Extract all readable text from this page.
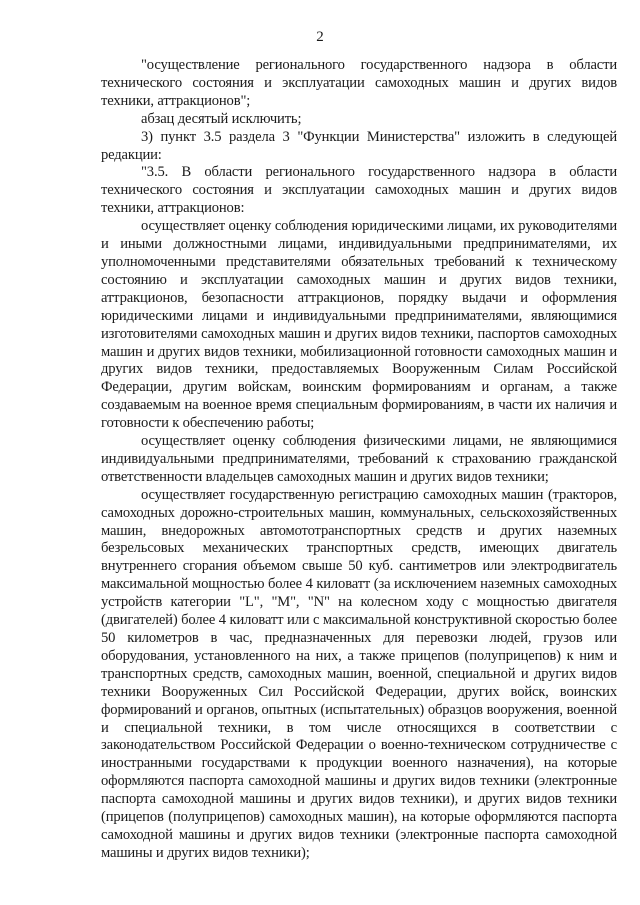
2

"осуществление регионального государственного надзора в области технического состояния и эксплуатации самоходных машин и других видов техники, аттракционов";

абзац десятый исключить;

3) пункт 3.5 раздела 3 "Функции Министерства" изложить в следующей редакции:

"3.5. В области регионального государственного надзора в области технического состояния и эксплуатации самоходных машин и других видов техники, аттракционов:

осуществляет оценку соблюдения юридическими лицами, их руководителями и иными должностными лицами, индивидуальными предпринимателями, их уполномоченными представителями обязательных требований к техническому состоянию и эксплуатации самоходных машин и других видов техники, аттракционов, безопасности аттракционов, порядку выдачи и оформления юридическими лицами и индивидуальными предпринимателями, являющимися изготовителями самоходных машин и других видов техники, паспортов самоходных машин и других видов техники, мобилизационной готовности самоходных машин и других видов техники, предоставляемых Вооруженным Силам Российской Федерации, другим войскам, воинским формированиям и органам, а также создаваемым на военное время специальным формированиям, в части их наличия и готовности к обеспечению работы;

осуществляет оценку соблюдения физическими лицами, не являющимися индивидуальными предпринимателями, требований к страхованию гражданской ответственности владельцев самоходных машин и других видов техники;

осуществляет государственную регистрацию самоходных машин (тракторов, самоходных дорожно-строительных машин, коммунальных, сельскохозяйственных машин, внедорожных автомототранспортных средств и других наземных безрельсовых механических транспортных средств, имеющих двигатель внутреннего сгорания объемом свыше 50 куб. сантиметров или электродвигатель максимальной мощностью более 4 киловатт (за исключением наземных самоходных устройств категории "L", "M", "N" на колесном ходу с мощностью двигателя (двигателей) более 4 киловатт или с максимальной конструктивной скоростью более 50 километров в час, предназначенных для перевозки людей, грузов или оборудования, установленного на них, а также прицепов (полуприцепов) к ним и транспортных средств, самоходных машин, военной, специальной и других видов техники Вооруженных Сил Российской Федерации, других войск, воинских формирований и органов, опытных (испытательных) образцов вооружения, военной и специальной техники, в том числе относящихся в соответствии с законодательством Российской Федерации о военно-техническом сотрудничестве с иностранными государствами к продукции военного назначения), на которые оформляются паспорта самоходной машины и других видов техники (электронные паспорта самоходной машины и других видов техники), и других видов техники (прицепов (полуприцепов) самоходных машин), на которые оформляются паспорта самоходной машины и других видов техники (электронные паспорта самоходной машины и других видов техники);
